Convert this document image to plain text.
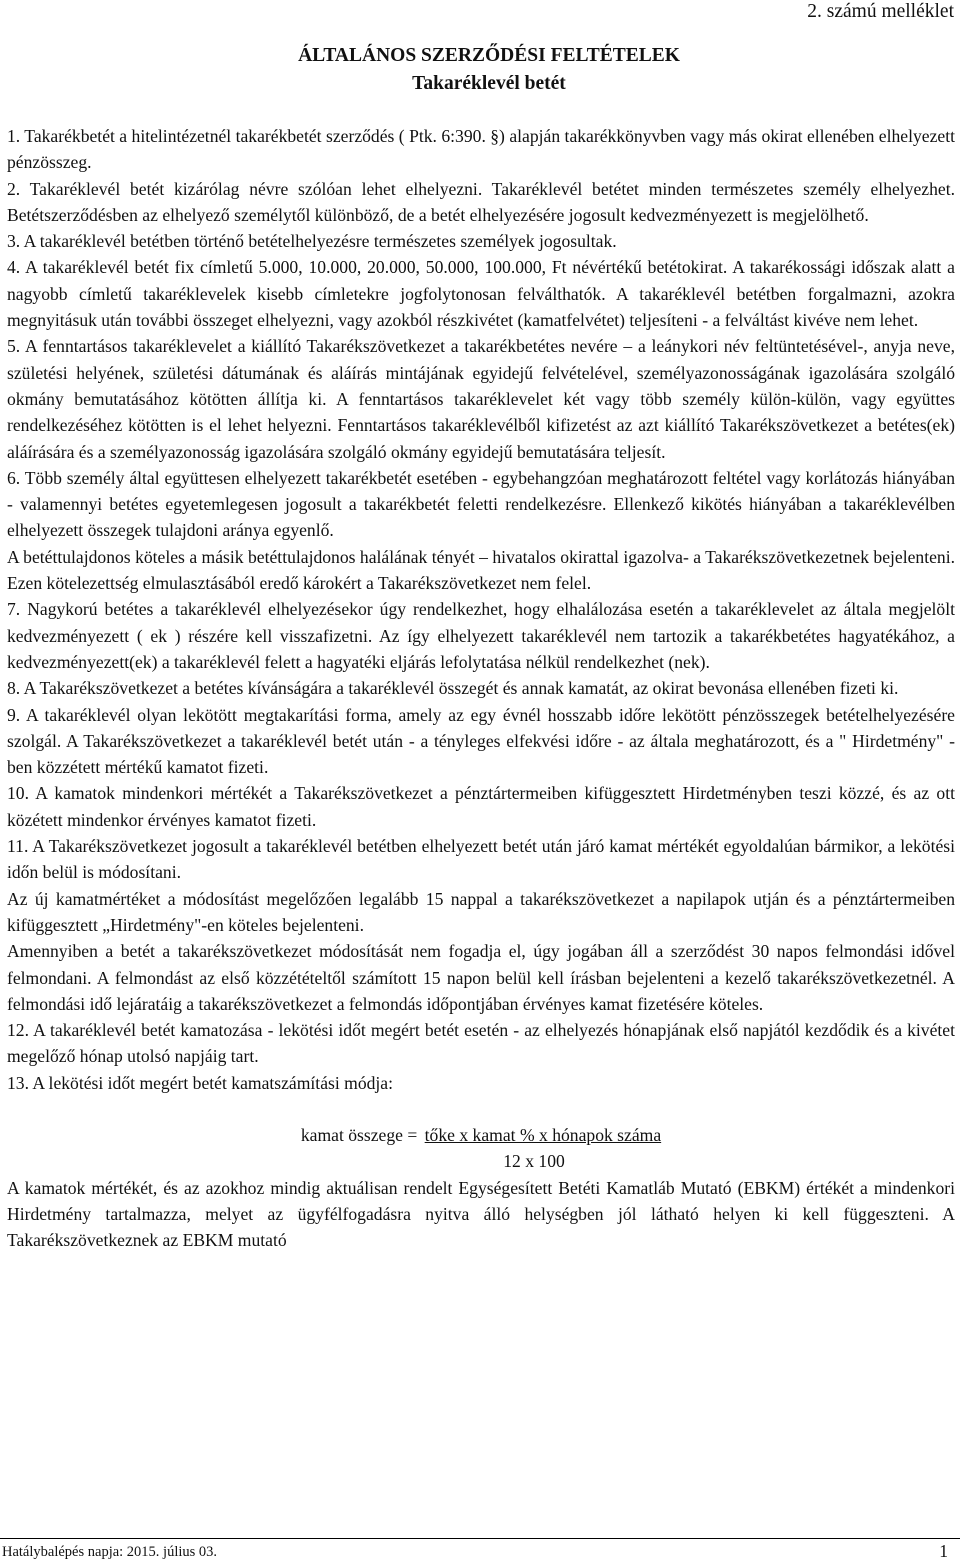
2. számú melléklet
ÁLTALÁNOS SZERZŐDÉSI FELTÉTELEK
Takaréklevél betét

1. Takarékbetét a hitelintézetnél takarékbetét szerződés ( Ptk. 6:390. §) alapján takarékkönyvben vagy más okirat ellenében elhelyezett pénzösszeg.

2. Takaréklevél betét kizárólag névre szólóan lehet elhelyezni. Takaréklevél betétet minden természetes személy elhelyezhet. Betétszerződésben az elhelyező személytől különböző, de a betét elhelyezésére jogosult kedvezményezett is megjelölhető.

3. A takaréklevél betétben történő betételhelyezésre természetes személyek jogosultak.

4. A takaréklevél betét fix címletű 5.000, 10.000, 20.000, 50.000, 100.000, Ft névértékű betétokirat. A takarékossági időszak alatt a nagyobb címletű takaréklevelek kisebb címletekre jogfolytonosan felválthatók. A takaréklevél betétben forgalmazni, azokra megnyitásuk után további összeget elhelyezni, vagy azokból részkivétet (kamatfelvétet) teljesíteni - a felváltást kivéve nem lehet.

5. A fenntartásos takaréklevelet a kiállító Takarékszövetkezet a takarékbetétes nevére – a leánykori név feltüntetésével-, anyja neve, születési helyének, születési dátumának és aláírás mintájának egyidejű felvételével, személyazonosságának igazolására szolgáló okmány bemutatásához kötötten állítja ki. A fenntartásos takaréklevelet két vagy több személy külön-külön, vagy együttes rendelkezéséhez kötötten is el lehet helyezni. Fenntartásos takaréklevélből kifizetést az azt kiállító Takarékszövetkezet a betétes(ek) aláírására és a személyazonosság igazolására szolgáló okmány egyidejű bemutatására teljesít.

6. Több személy által együttesen elhelyezett takarékbetét esetében - egybehangzóan meghatározott feltétel vagy korlátozás hiányában - valamennyi betétes egyetemlegesen jogosult a takarékbetét feletti rendelkezésre. Ellenkező kikötés hiányában a takaréklevélben elhelyezett összegek tulajdoni aránya egyenlő.

A betéttulajdonos köteles a másik betéttulajdonos halálának tényét – hivatalos okirattal igazolva- a Takarékszövetkezetnek bejelenteni. Ezen kötelezettség elmulasztásából eredő károkért a Takarékszövetkezet nem felel.

7. Nagykorú betétes a takaréklevél elhelyezésekor úgy rendelkezhet, hogy elhalálozása esetén a takaréklevelet az általa megjelölt kedvezményezett ( ek ) részére kell visszafizetni. Az így elhelyezett takaréklevél nem tartozik a takarékbetétes hagyatékához, a kedvezményezett(ek) a takaréklevél felett a hagyatéki eljárás lefolytatása nélkül rendelkezhet (nek).

8. A Takarékszövetkezet a betétes kívánságára a takaréklevél összegét és annak kamatát, az okirat bevonása ellenében fizeti ki.

9. A takaréklevél olyan lekötött megtakarítási forma, amely az egy évnél hosszabb időre lekötött pénzösszegek betételhelyezésére szolgál. A Takarékszövetkezet a takaréklevél betét után - a tényleges elfekvési időre - az általa meghatározott, és a " Hirdetmény" - ben közzétett mértékű kamatot fizeti.

10. A kamatok mindenkori mértékét a Takarékszövetkezet a pénztártermeiben kifüggesztett Hirdetményben teszi közzé, és az ott közétett mindenkor érvényes kamatot fizeti.

11. A Takarékszövetkezet jogosult a takaréklevél betétben elhelyezett betét után járó kamat mértékét egyoldalúan bármikor, a lekötési időn belül is módosítani.

Az új kamatmértéket a módosítást megelőzően legalább 15 nappal a takarékszövetkezet a napilapok utján és a pénztártermeiben kifüggesztett „Hirdetmény"-en köteles bejelenteni.

Amennyiben a betét a takarékszövetkezet módosítását nem fogadja el, úgy jogában áll a szerződést 30 napos felmondási idővel felmondani. A felmondást az első közzétételtől számított 15 napon belül kell írásban bejelenteni a kezelő takarékszövetkezetnél. A felmondási idő lejáratáig a takarékszövetkezet a felmondás időpontjában érvényes kamat fizetésére köteles.

12. A takaréklevél betét kamatozása - lekötési időt megért betét esetén - az elhelyezés hónapjának első napjától kezdődik és a kivétet megelőző hónap utolsó napjáig tart.

13. A lekötési időt megért betét kamatszámítási módja:

kamat összege = tőke x kamat % x hónapok száma

12 x 100

A kamatok mértékét, és az azokhoz mindig aktuálisan rendelt Egységesített Betéti Kamatláb Mutató (EBKM) értékét a mindenkori Hirdetmény tartalmazza, melyet az ügyfélfogadásra nyitva álló helységben jól látható helyen ki kell függeszteni. A Takarékszövetkeznek az EBKM mutató

Hatálybalépés napja: 2015. július 03.	1
